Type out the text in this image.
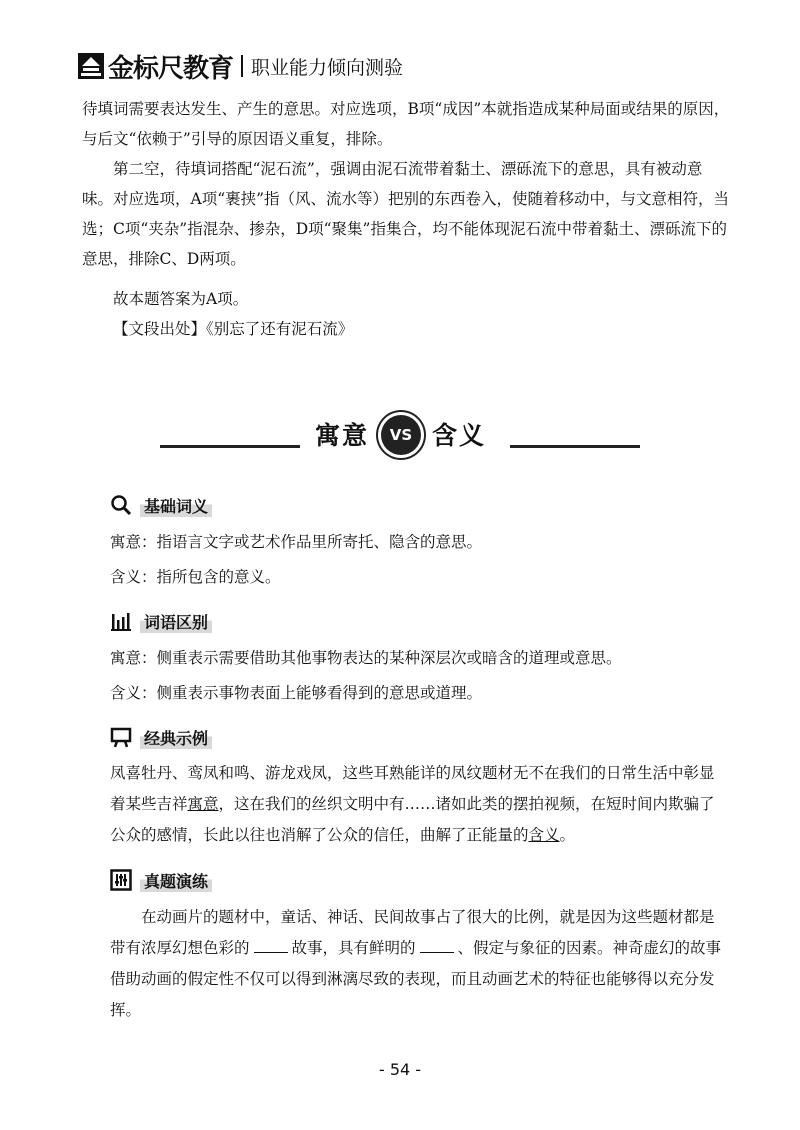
金标尺教育 职业能力倾向测验

待填词需要表达发生、产生的意思。对应选项，B项“成因”本就指造成某种局面或结果的原因，与后文“依赖于”引导的原因语义重复，排除。

第二空，待填词搭配“泥石流”，强调由泥石流带着黏土、漂砾流下的意思，具有被动意味。对应选项，A项“裹挟”指（风、流水等）把别的东西卷入，使随着移动中，与文意相符，当选；C项“夹杂”指混杂、掺杂，D项“聚集”指集合，均不能体现泥石流中带着黏土、漂砾流下的意思，排除C、D两项。

故本题答案为A项。

【文段出处】《别忘了还有泥石流》

寓意	VS 含义
基础词义

寓意：指语言文字或艺术作品里所寄托、隐含的意思。

含义：指所包含的意义。

词语区别

寓意：侧重表示需要借助其他事物表达的某种深层次或暗含的道理或意思。

含义：侧重表示事物表面上能够看得到的意思或道理。

经典示例

凤喜牡丹、鸾凤和鸣、游龙戏凤，这些耳熟能详的凤纹题材无不在我们的日常生活中彰显着某些吉祥寓意，这在我们的丝织文明中有……诸如此类的摆拍视频，在短时间内欺骗了公众的感情，长此以往也消解了公众的信任，曲解了正能量的含义。

真题演练

在动画片的题材中，童话、神话、民间故事占了很大的比例，就是因为这些题材都是带有浓厚幻想色彩的	故事，具有鲜明的	、假定与象征的因素。神奇虚幻的故事借助动画的假定性不仅可以得到淋漓尽致的表现，而且动画艺术的特征也能够得以充分发挥。

- 54 -
